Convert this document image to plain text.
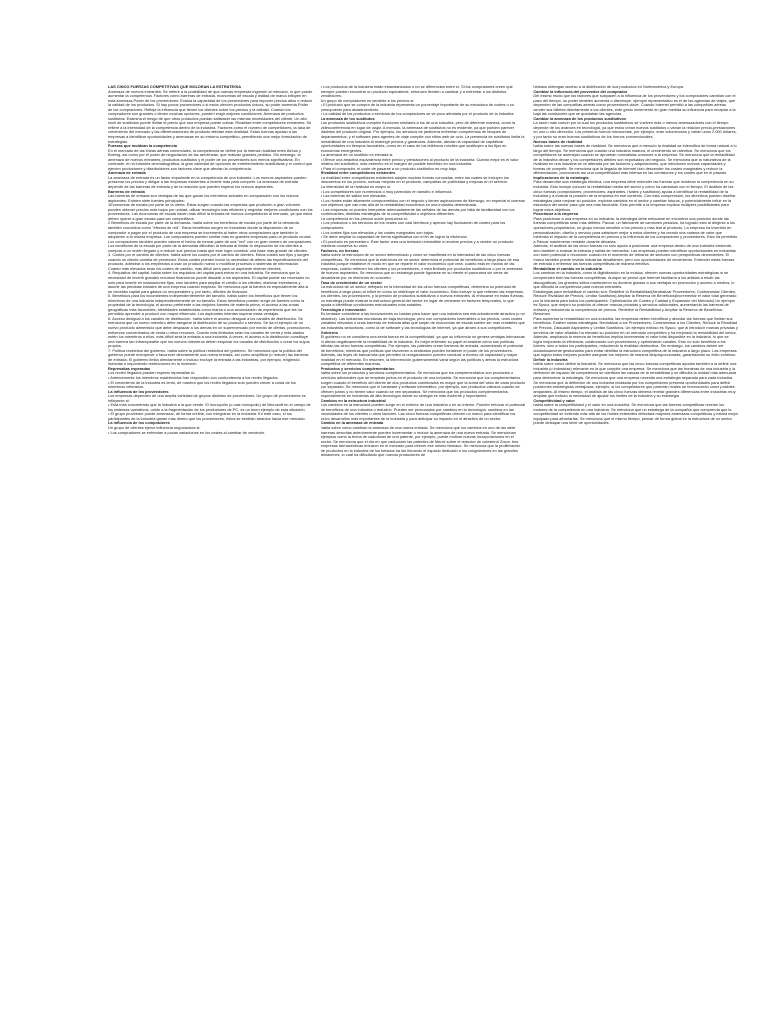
LAS CINCO FUERZAS COMPETITIVAS QUE MOLDEAN LA ESTRATEGIA

Amenaza de nuevos entrantes: Se refiere a la posibilidad de que nuevas empresas ingresen al mercado, lo que puede aumentar la competencia. Factores como barreras de entrada, economías de escala y lealtad de marca influyen en esta amenaza.Poder de los proveedores: Evalúa la capacidad de los proveedores para imponer precios altos o reducir la calidad de los productos. Si hay pocos proveedores o si estos ofrecen productos únicos, su poder aumenta.Poder de los compradores: Refleja la influencia que tienen los clientes sobre los precios y la calidad. Cuando los compradores son grandes o tienen muchas opciones, pueden exigir mejores condiciones. Amenaza de productos sustitutos: Examina el riesgo de que otros productos puedan satisfacer las mismas necesidades del cliente. Un alto nivel de sustitutos puede limitar el precio que una empresa puede cobrar. Rivalidad entre competidores existentes: Se refiere a la intensidad de la competencia dentro de la industria. Factores como el número de competidores, la tasa de crecimiento del mercado y las diferenciaciones de producto afectan esta rivalidad. Estas fuerzas ayudan a las empresas a identificar oportunidades y amenazas en su entorno competitivo, permitiendo una mejor formulación de estrategias.

Fuerzas que moldean la competencia

En el mercado de las líneas aéreas comerciales, la competencia se define por la intensa rivalidad entre Airbus y Boeing, así como por el poder de negociación de las aerolíneas, que realizan grandes pedidos. Sin embargo, la amenaza de nuevos entrantes, productos sustitutos y el poder de los proveedores son menos significativos. En contraste, en la industria cinematográfica, la gran variedad de opciones de entretenimiento sustitutivas y el control que ejercen productores y distribuidores son factores clave que afectan la competencia.

Amenaza de entrada

La amenaza de entrada es un factor importante en la competencia de una industria. Los nuevos aspirantes pueden presionar los precios y obligar a las empresas existentes a invertir más para competir. La amenaza de entrada depende de las barreras de entrada y de la reacción que pueden esperar los nuevos aspirantes.

Barreras de entrada

Las barreras de entrada son ventajas de las que gozan los miembros actuales en comparación con los nuevos aspirantes. Existen siete fuentes principales:

1Economías de escala por parte de la oferta. Éstas surgen cuando las empresas que producen a gran volumen pueden obtener precios más bajos por unidad, utilizar tecnología más eficiente y negociar mejores condiciones con los proveedores. Las economías de escala hacen más difícil la entrada de nuevos competidores al mercado, ya que estos deben operar a gran escala para ser competitivos.

2 Beneficios de escala por parte de la demanda. habla sobre los beneficios de escala por parte de la demanda, también conocidos como "efectos de red". Estos beneficios surgen en industrias donde la disposición de un comprador a pagar por el producto de una empresa se incrementa al haber otros compradores que también lo adquieren a la misma empresa. Los compradores pueden confiar más en grandes empresas para un producto crucial. Los compradores también pueden valorar el hecho de formar parte de una "red" con un gran número de compradores. Los beneficios de la escala por parte de la demanda dificultan la entrada al limitar la disposición de los clientes a comprar a un recién llegado y a reducir sus precios hasta que este logre construir una base más grande de clientes.

3. Costes por el cambio de clientes. habla sobre los costes por el cambio de clientes. Estos costes son fijos y surgen cuando un cliente cambia de proveedor. Estos costes pueden incluir la necesidad de alterar las especificaciones del producto, adiestrar a los empleados a usar un producto nuevo o modificar procesos o sistemas de información. Cuanto más elevados sean los costes de cambio, más difícil será para un aspirante obtener clientes.

4. Requisitos del capital. habla sobre los requisitos del capital para entrar en una industria. Se menciona que la necesidad de invertir grandes recursos financieros puede disuadir a los aspirantes. El capital puede ser necesario no solo para invertir en instalaciones fijas, sino también para ampliar el crédito a los clientes, elaborar inventarios y asumir las pérdidas iniciales de una empresa cuando empieza. Se menciona que la barrera es especialmente alta si se necesita capital para gastos no recuperables y, por tanto, difíciles de financiar.

5. Beneficios para los incumbentes independientemente del tamaño. habla sobre los beneficios que tienen los miembros de una industria independientemente de su tamaño. Estos beneficios pueden surgir de fuentes como la propiedad de la tecnología, el acceso preferente a las mejores fuentes de materia prima, el acceso a las zonas geográficas más favorables, identidades establecidas como marca o una acumulación de experiencia que les ha permitido aprender a producir con mayor eficiencia. Los aspirantes intentan superar estas ventajas.

6. Acceso desigual a los canales de distribución. habla sobre el acceso desigual a los canales de distribución. Se menciona que un nuevo miembro debe asegurar la distribución de su producto o servicio. Se da el ejemplo de un nuevo producto alimenticio que debe desplazar a los demás en un supermercado por medio de ofertas, promociones, esfuerzos concentrados de venta u otros recursos. Cuanto más limitados sean los canales de venta y más atados estén los miembros a ellos, más difícil será la entrada a una industria. A veces, el acceso a la distribución constituye una barrera tan infranqueable que los nuevos miembros deben esquivar los canales de distribución o crear los suyos propios.

7. Política restrictiva del gobierno. habla sobre la política restrictiva del gobierno. Se menciona que la política del gobierno puede entorpecer o favorecer directamente una nueva entrada, así como amplificar (o reducir) las barreras de entrada. El gobierno limita directamente o incluso excluye la entrada a las industrias, por ejemplo, exigiendo licencias e imponiendo restricciones en la inversión.

Represalias esperadas

Los recién llegados pueden esperar represalias si:

• Anteriormente los miembros establecidos han respondido con contundencia a los recién llegados.

• El crecimiento de la industria es lento, de manera que los recién llegados solo pueden crecer a costa de los miembros veteranos.

La influencia de los proveedores

Los empresas dependen de una amplia variedad de grupos distintos de proveedores. Un grupo de proveedores es influyente si:

• Está más concentrado que la industria a la que vende. El monopolio (o casi monopolio) de Microsoft en el campo de los sistemas operativos, unido a la fragmentación de los productores de PC, es un buen ejemplo de esta situación.

• El grupo proveedor puede amenazar, de forma creíble, con integrarse en la industria. En este caso, si los participantes de la industria ganan más dinero que los proveedores, éstos se sentirán atraídos hacia ese mercado.

La influencia de los compradores

Un grupo de clientes ejerce influencia negociadora si:

• Los compradores se enfrentan a pocas variaciones en los costes al cambiar de vendedor.

• Los productos de la industria están estandarizados o no se diferencian entre sí. Si los compradores creen que siempre pueden encontrar un producto equivalente, entonces tienden a cambiar y a enfrentar a los distintos vendedores.

Un grupo de compradores es sensible a los precios si:

• El producto que se compra de la industria representa un porcentaje importante de su estructura de costes o su presupuesto para abastecimiento.

• La calidad de los productos o servicios de los compradores se ve poco afectada por el producto de la industria.

La amenaza de los sustitutos

Los productos sustitutivos cumplen funciones similares a los de una industria, pero de diferente manera, como la videoconferencia en lugar de viajar. A menudo, la amenaza de sustitutos no es evidente, ya que pueden parecer distintos del producto original. Por ejemplo, los servicios de jardinería enfrentan competencia de bloques de departamentos, y el software para agentes de viaje compite con sitios web de ocio. La presencia de sustitutos limita la rentabilidad de una industria al restringir precios y ganancias. Además, afectan la capacidad de capitalizar oportunidades en tiempos favorables, como en el caso de los teléfonos móviles que sustituyen a los fijos en economías emergentes.

La amenaza de un sustituto es elevada si:

• Ofrece una atractiva equivalencia entre precio y prestaciones al producto de la industria. Cuanto mejor es el valor relativo del sustitutivo, más estrecho es el margen de posible beneficio en una industria.

• Para el comprador, el coste de pasarse a un producto sustitutivo es muy bajo.

Rivalidad entre competidores existentes

La rivalidad entre competidores existentes adopta muchas formas conocidas, entre las cuales se incluyen los descuentos en los precios, nuevas mejoras en el producto, campañas de publicidad y mejoras en el servicio.

La intensidad de la rivalidad es mayor si:

• Los competidores son numerosos o muy parecidos en tamaño e influencia.

• Las barreras de salida son elevadas.

• Los rivales están altamente comprometidos con el negocio y tienen aspiraciones de liderazgo, en especial si cuentan con objetivos que van más allá de la rentabilidad económica en una industria determinada.

• Las empresas no pueden interpretar adecuadamente las señales de las demás por falta de familiaridad con los contrincantes, distintas estrategias de la competitividad u objetivos diferentes.

La competencia en los precios suele producirse si:

• Los productos o los servicios de los rivales son casi idénticos y apenas hay fluctuación de costes para los compradores.

• Los costes fijos son elevados y los costes marginales son bajos.

• Se debe ampliar la capacidad de forma significativa con el fin de lograr la eficiencia.

• El producto es perecedero. Este factor crea una tentación irresistible a recortar precios y a vender un producto mientras conserva su valor.

Factores, no fuerzas

habla sobre la estructura de un sector determinado y cómo se manifiesta en la intensidad de las cinco fuerzas competitivas. Se menciona que la estructura de un sector determina el potencial de beneficios a largo plazo de esa industria porque establece el modo en que se reparte el valor económico que crea: cuánto está en manos de las empresas, cuánto retienen los clientes y los proveedores, o está limitado por productos sustitutivos o por la amenaza de nuevos aspirantes. Se menciona que un estratega puede figurarse en su mente el panorama sin verse de decantarse por un elemento en concreto.

Tasa de crecimiento de un sector

La estructura de un sector, reflejado en la intensidad de las cinco fuerzas competitivas, determina su potencial de beneficios a largo plazo al influir en cómo se distribuye el valor económico. Esto incluye lo que retienen las empresas, los clientes, los proveedores, y la presión de productos sustitutivos o nuevos entrantes. Al enfocarse en estas fuerzas, un estratega puede evaluar la estructura general del sector en lugar de centrarse en factores temporales, lo que ayuda a identificar condiciones estructurales más estables.

Tecnología e innovación

Es tentador considerar a las innovaciones no bastan para hacer que una industria sea estructuralmente atractiva (o no atractiva). Las industrias mundanas de baja tecnología, pero con compradores insensibles a los precios, unos costes variables elevados o unas barreras de entrada altas que surjan de economías de escala suelen ser más rentables que las industrias seductoras, como la de software y las tecnologías de Internet, ya que atraen a sus competidores.

Gobierno

El gobierno no se considera una sexta fuerza en la competitividad, ya que su influencia no genera ventajas intrínsecas ni afecta negativamente la rentabilidad de la industria. Es mejor entender su papel al analizar cómo sus políticas afectan las cinco fuerzas competitivas. Por ejemplo, las patentes crean barreras de entrada, aumentando el potencial de beneficios, mientras que políticas que favorecen a sindicatos pueden fortalecer el poder de los proveedores. Además, las leyes de bancarrota que permiten la reorganización pueden conducir a exceso de capacidad y mayor rivalidad en el mercado. En resumen, la intervención gubernamental varía según las políticas y afecta la estructura competitiva de diferentes maneras.

Productos y servicios complementarios

habla sobre los productos y servicios complementarios. Se menciona que los complementarios son productos o servicios adicionales que se emplean juntos en el producto de una industria. Se menciona que los complementarios surgen cuando el beneficio del cliente de dos productos combinados es mayor que la suma del valor de cada producto por separado. Se menciona que el hardware y software informático, por ejemplo, son productos valiosos cuando se ofrecen juntos y no tienen valor cuando se ven separados. Se menciona que los productos complementarios, especialmente en industrias de alta tecnología donde su sinergia es más evidente y importantes.

Cambios en la estructura industrial

Los cambios en la estructura pueden surgir en el exterior de una industria o en su interior. Pueden reforzar el potencial de beneficios de una industria o reducirlo. Pueden ser provocados por cambios en la tecnología, cambios en las necesidades de los clientes u otros factores. Las cinco fuerzas competitivas ofrecen un marco para identificar los cinco desarrollos más importantes de la industria y para anticipar su impacto en el atractivo de un sector.

Cambio en la amenaza de entrada

habla sobre cómo cambian la amenaza de una nueva entrada. Se menciona que los cambios en uno de las siete barreras descritas anteriormente pueden incrementar o reducir la amenaza de una nueva entrada. Se mencionan ejemplos como la fecha de caducidad de una patente, por ejemplo, puede motivar nuevas incorporaciones en el sector. Se menciona que el día en que caducaron las patentes de Merck sobre el reductor de colesterol Zocor, tres empresas farmacéuticas entraron en el mercado para ofrecer ese mismo fármaco. Se menciona que la proliferación de productos en la industria de los helados ha ido llenando el espacio dedicado a los congeladores en las grandes almacenes, lo cual ha dificultado que nuevos productores de

helados obtengan acceso a la distribución de sus productos en Norteamérica y Europa.

Cambiar la influencia del proveedor del comprador

Del mismo modo que los factores que subyacen a la influencia de los proveedores y los compradores cambian con el paso del tiempo, su poder también aumenta o disminuye. ejemplo representativo es el de las agencias de viajes, que dependen de las compañías aéreas como proveedores clave. Cuando Internet permitió a las compañías aéreas vender sus billetes directamente a los clientes, este gesto incrementó en gran medida su influencia para recaptar a la baja las comisiones que se quedaban las agencias.

Cambiar la amenaza de los productos sustitutivos

La razón más común por la cual los productos sustitutivos se vuelven más o menos amenazadores con el tiempo depende de los avances en tecnología, ya que estos crean nuevos sustitutos o varían la relación precio-prestaciones en uno u otro dirección. Los primeros hornos microondas, por ejemplo, eran voluminosos y valían unos 2.000 dólares, y por tanto no eran buenos sustitutivos de los hornos convencionales.

Nuevos bases de rivalidad

habla sobre las nuevas bases de rivalidad. Se menciona que a menudo la rivalidad se intensifica de forma natural a lo largo del tiempo. Se menciona que cuando una industria madura, el crecimiento se ralentiza. Se menciona que los competidores se asemejan cuando se aprueban normativas comunes a la empresa. Se menciona que la rentabilidad de la industria decae y los competidores débiles son expulsados del negocio. Se menciona que la naturaleza de la rivalidad en una industria se ve alterada por las fusiones y adquisiciones, que introducen nuevas capacidades y formas de competir. Se menciona que la llegada de Internet hizo descender los costes marginales y reducir la diferenciación, provocando así una competitividad más intensa en las comisiones y los costes que en el pasado.

Implicaciones de la estrategia

Para desarrollar una estrategia efectiva, una empresa debe entender las fuerzas que moldean la competencia en su industria. Esto incluye conocer la rentabilidad media del sector y cómo ha cambiado con el tiempo. El análisis de las cinco fuerzas (compradores, proveedores, aspirantes, rivales y sustitutos) ayuda a identificar la rentabilidad de la industria y a evaluar la posición de la empresa en ese contexto. Con esta comprensión, los directivos pueden diseñar estrategias para mejorar su posición, explotar cambios en el sector y cambiar futuros, y potencialmente influir en la estructura del sector para que sea más favorable. Esto permite a la empresa explicar múltiples posibilidades para lograr estos objetivos.

Posicionar a la empresa

Para posicionar a una empresa en su industria, la estrategia debe enfocarse en encontrar una posición donde las fuerzas competitivas sean más débiles. Paccar, un fabricante de camiones pesados, ha logrado esto al dirigirse a los operadores-propietarios, un grupo menos sensible a los precios y más leal al producto. La empresa ha invertido en personalización, diseño y servicio para satisfacer mejor a estos clientes y ha creado una cadena de valor que minimiza el impacto de la competencia en precios y la influencia de los compradores y proveedores. Esto ha permitido a Paccar mantenerse rentable durante décadas.

Además, el análisis de las cinco fuerzas no sólo ayuda a posicionar una empresa dentro de una industria existente, sino también a evaluar la entrada y salida de mercados. Las empresas pueden identificar oportunidades en industrias con buen potencial o reconocer cuando es el momento de retirarse de sectores con perspectivas decrecientes. El marco también puede revelar industrias desafiantes, pero con oportunidades de crecimiento. Entender estas fuerzas de entrada o enfrentar las fuerzas competitivas de manera efectiva.

Rentabilizar el cambio en la industria

Los cambios en la industria, como la digitalización en la música, ofrecen nuevas oportunidades estratégicas si se comprenden bien las fuerzas competitivas. Aunque se pensó que Internet facilitaría a los artistas a eludir las discográficas, los grandes sellos mantuvieron su dominio gracias a sus ventajas en promoción y acceso a medios, lo que dificultó la competencia para nuevos entrantes.

Estrategias para rentabilizar el cambio son: Redefinir la Rentabilidad(Neutralizar Proveedores, Contrarrestar Clientes, Reducir Rivalidad de Precios, Limitar Sustitutos) Ampliar la Reserva de Beneficios(Incrementar el valor total generado por la industria para todos los participantes, Optimización de Costes y Calidad y Expansión del Mercado) Un ejemplo es Sysco, que mejoró su posición al ofrecer marcas privadas y servicios adicionales, aumentando las barreras de entrada y reduciendo la competencia de precios. Redefinir la Rentabilidad y Ampliar la Reserva de Beneficios: Resumen

Para aumentar la rentabilidad en una industria, las empresas deben identificar y abordar las fuerzas que limitan sus beneficios. Existen varias estrategias: Neutralizar a los Proveedores, Contrarrestar a los Clientes, Reducir la Rivalidad de Precios, Dissuadir Aspirantes y Limitar Sustitutos. Un ejemplo exitoso es Sysco, que al introducir marcas privadas y servicios de valor añadido ha elevado su posición en un mercado competitivo y ha mejorado la rentabilidad del sector. Además, ampliando la reserva de beneficios implica incrementar el valor total disponible en la industria, lo que se logra mejorando la eficiencia, colaborando con proveedores y optimizando canales. Esto no solo beneficia a los líderes, sino a todos los participantes, reduciendo la rivalidad destructiva. Sin embargo, los cambios deben ser cuidadosamente gestionados para evitar debilitar la estructura competitiva de la industria a largo plazo. Las empresas que logran estos mejores pueden asegurar los mejores de manera desproporcionada, garantizando su éxito continuo.

Definir la industria

habla sobre cómo definir la industria. Se menciona que las cinco fuerzas competitivas ayudan también a la definir una industria (o industrias) relevante en la que compite una empresa. Se menciona que las fronteras de una industria y la definición de espacio de competencia se clarifican las causas de la rentabilidad y se dificulta la unidad más adecuada para determinar la estrategia. Se menciona que una empresa necesita una estrategia separada para cada industria. Se menciona que la definición de una industria realizada por los competidores presenta oportunidades para definir posiciones estratégicas ventajosas. ejemplo, si los competidores que parecían rivales se reconocerán como posibles amparates. Al mismo tiempo, el análisis de las cinco fuerzas debería revelar grandes diferencias entre industrias muy amplias que indican la necesidad de ajustar los límites de la industria y su estrategia

Competitividad y valor

habla sobre la competitividad y el valor en una industria. Se menciona que las fuerzas competitivas revelan los motores de la competencia en una industria. Se menciona que un estratega de la compañía que comprenda que la competitividad se extiende más allá de los rivales existentes detectará mayores amenazas competitivas y estará mejor equipado para afrontarlas. Se menciona que el mismo tiempo, pensar de forma global en la estructura de un sector puede destapar una serie de oportunidades.
